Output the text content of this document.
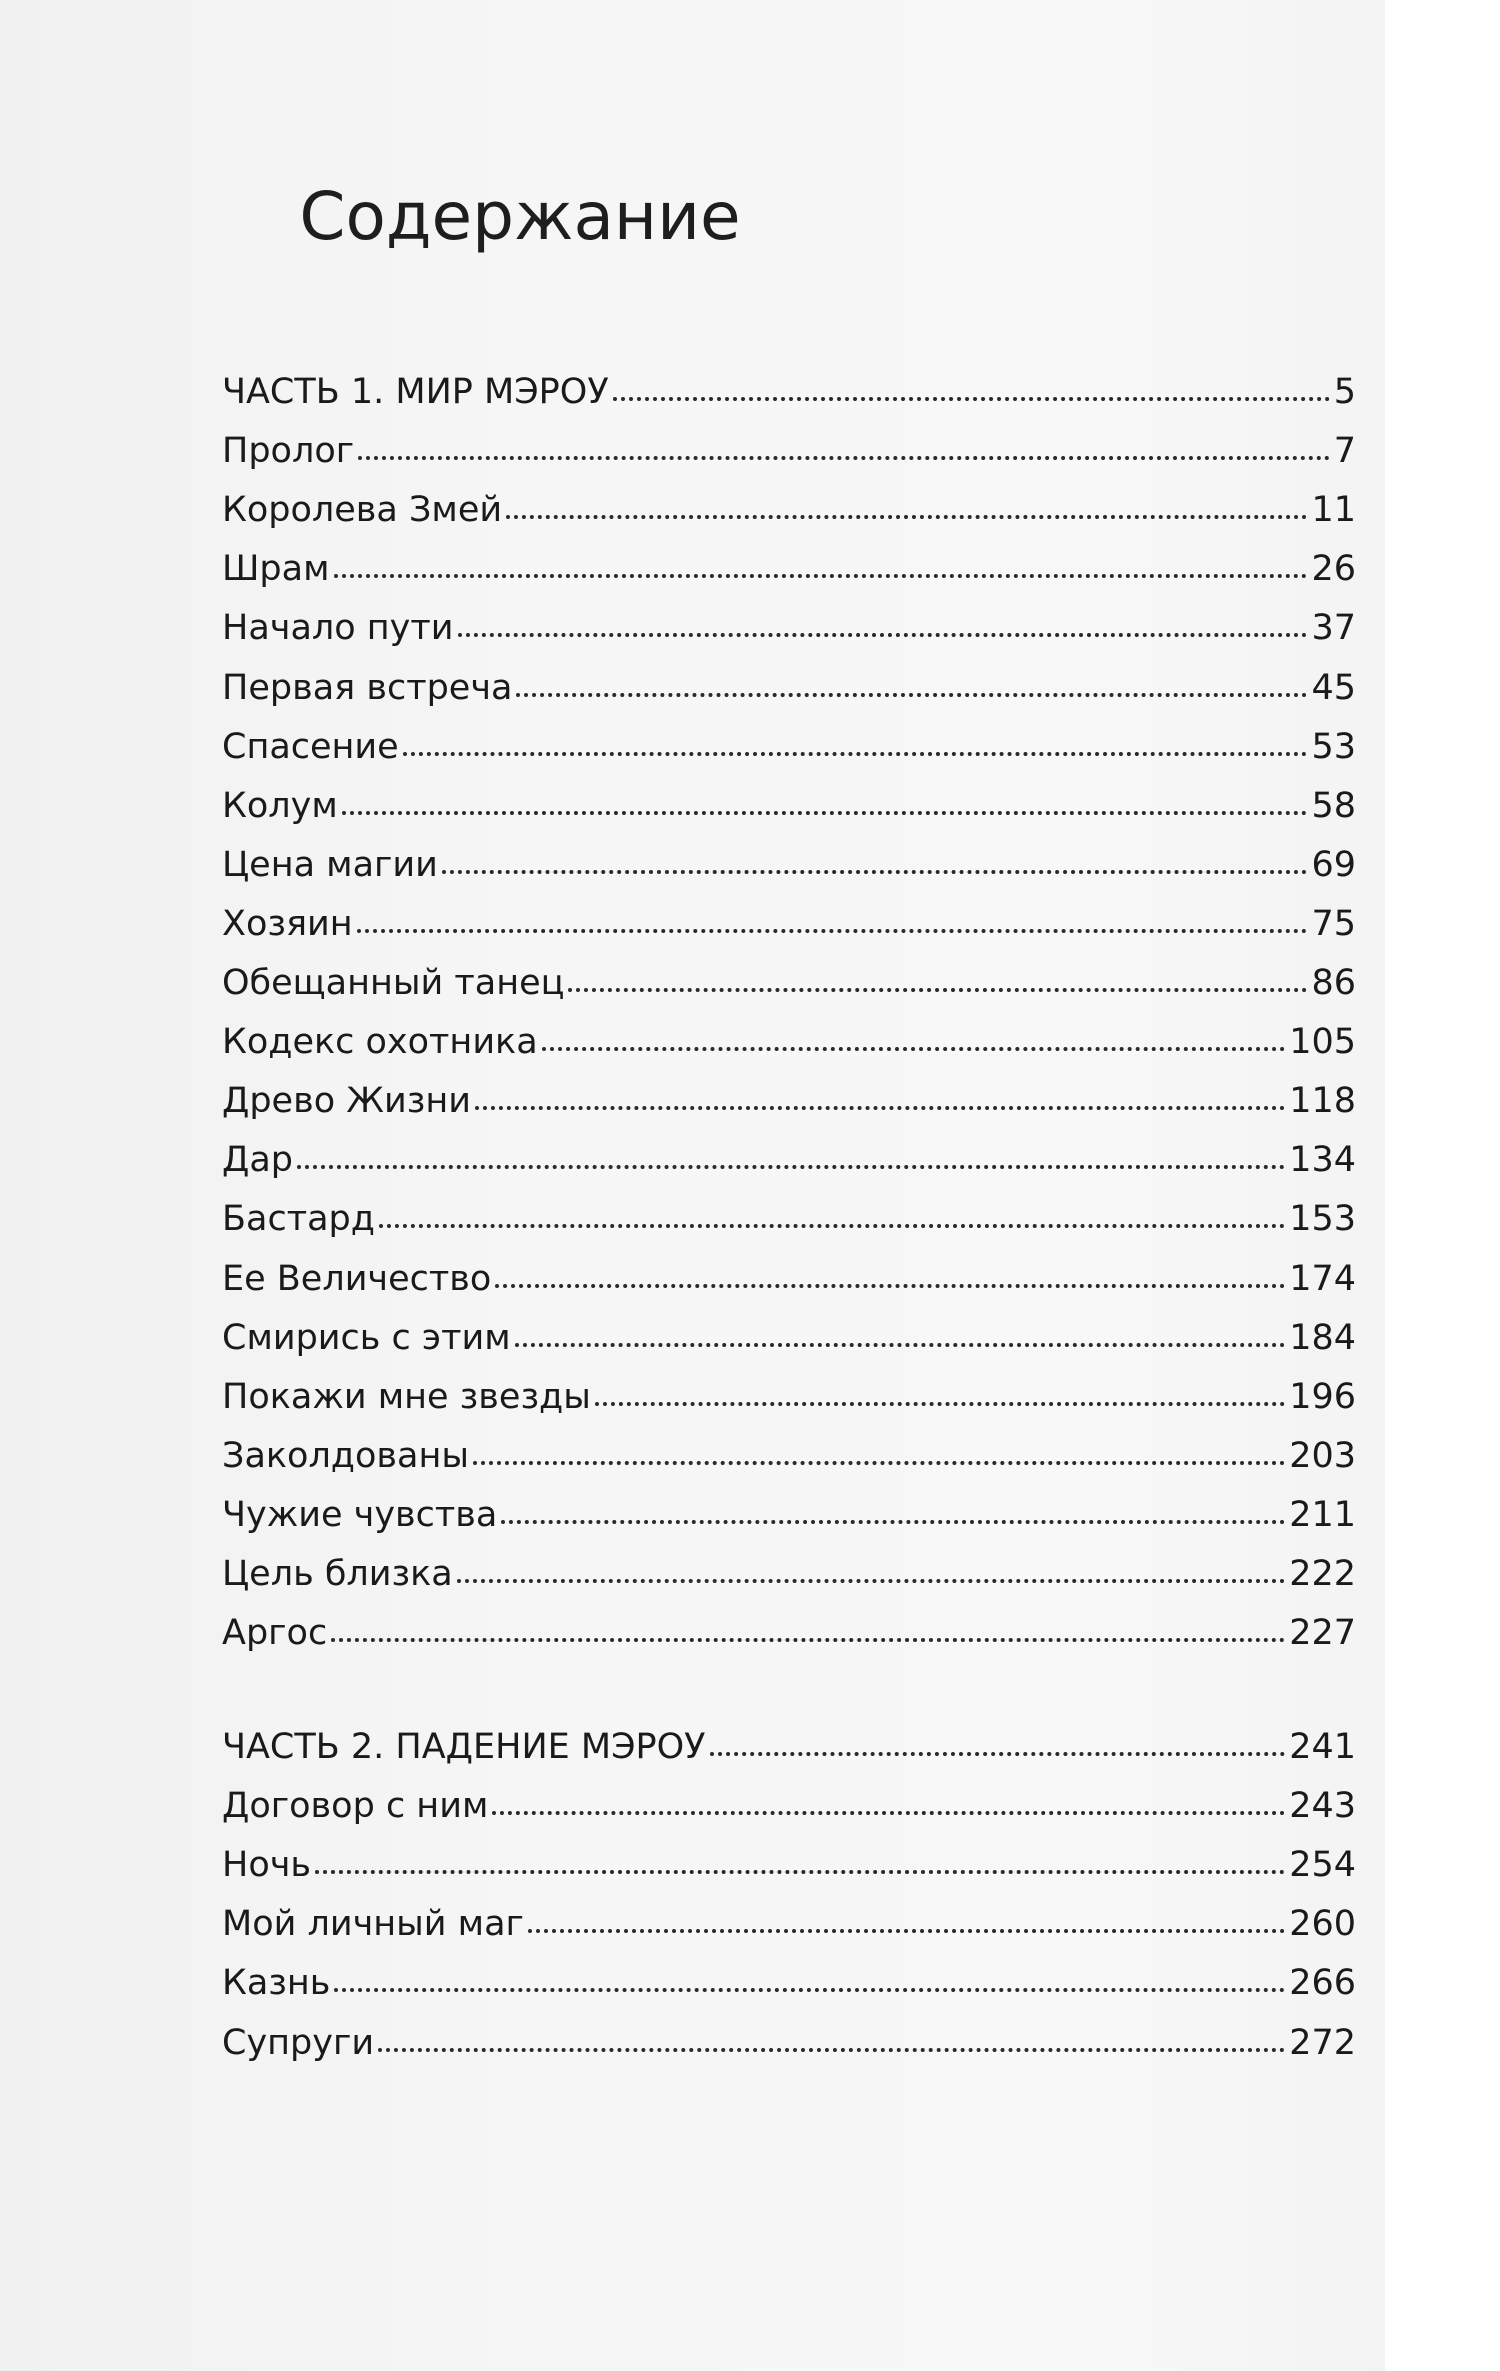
Содержание
ЧАСТЬ 1. МИР МЭРОУ	5
Пролог	7
Королева Змей	11
Шрам	26
Начало пути	37
Первая встреча	45
Спасение	53
Колум	58
Цена магии	69
Хозяин	75
Обещанный танец	86
Кодекс охотника	105
Древо Жизни	118
Дар	134
Бастард	153
Ее Величество	174
Смирись с этим	184
Покажи мне звезды	196
Заколдованы	203
Чужие чувства	211
Цель близка	222
Аргос	227
ЧАСТЬ 2. ПАДЕНИЕ МЭРОУ	241
Договор с ним	243
Ночь	254
Мой личный маг	260
Казнь	266
Супруги	272
